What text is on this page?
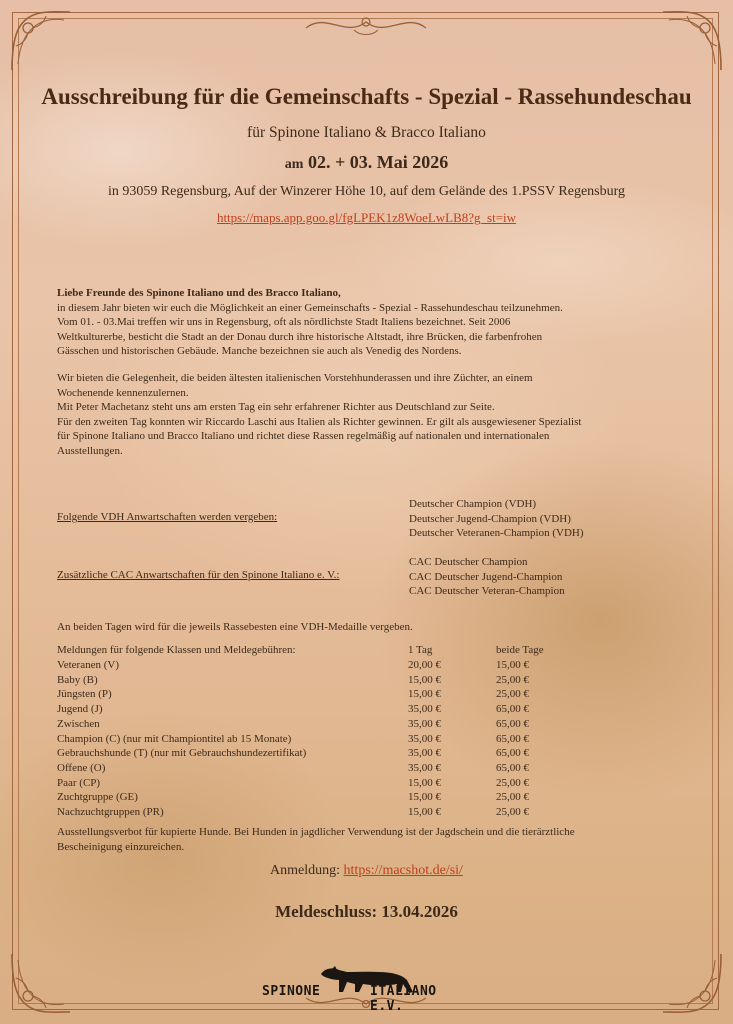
Ausschreibung für die Gemeinschafts - Spezial - Rassehundeschau

für Spinone Italiano & Bracco Italiano

am 02. + 03. Mai 2026

in 93059 Regensburg, Auf der Winzerer Höhe 10, auf dem Gelände des 1.PSSV Regensburg

https://maps.app.goo.gl/fgLPEK1z8WoeLwLB8?g_st=iw

Liebe Freunde des Spinone Italiano und des Bracco Italiano,

in diesem Jahr bieten wir euch die Möglichkeit an einer Gemeinschafts - Spezial - Rassehundeschau teilzunehmen.

Vom 01. - 03.Mai treffen wir uns in Regensburg, oft als nördlichste Stadt Italiens bezeichnet. Seit 2006

Weltkulturerbe, besticht die Stadt an der Donau durch ihre historische Altstadt, ihre Brücken, die farbenfrohen

Gässchen und historischen Gebäude. Manche bezeichnen sie auch als Venedig des Nordens.

Wir bieten die Gelegenheit, die beiden ältesten italienischen Vorstehhunderassen und ihre Züchter, an einem

Wochenende kennenzulernen.

Mit Peter Machetanz steht uns am ersten Tag ein sehr erfahrener Richter aus Deutschland zur Seite.

Für den zweiten Tag konnten wir Riccardo Laschi aus Italien als Richter gewinnen. Er gilt als ausgewiesener Spezialist

für Spinone Italiano und Bracco Italiano und richtet diese Rassen regelmäßig auf nationalen und internationalen

Ausstellungen.

Folgende VDH Anwartschaften werden vergeben:
Deutscher Champion (VDH)
Deutscher Jugend-Champion (VDH)
Deutscher Veteranen-Champion (VDH)
Zusätzliche CAC Anwartschaften für den Spinone Italiano e. V.:
CAC Deutscher Champion
CAC Deutscher Jugend-Champion
CAC Deutscher Veteran-Champion
An beiden Tagen wird für die jeweils Rassebesten eine VDH-Medaille vergeben.
Meldungen für folgende Klassen und Meldegebühren:	1 Tag	beide Tage
Veteranen (V)	20,00 €	15,00 €
Baby (B)	15,00 €	25,00 €
Jüngsten (P)	15,00 €	25,00 €
Jugend (J)	35,00 €	65,00 €
Zwischen	35,00 €	65,00 €
Champion (C) (nur mit Championtitel ab 15 Monate)	35,00 €	65,00 €
Gebrauchshunde (T) (nur mit Gebrauchshundezertifikat)	35,00 €	65,00 €
Offene (O)	35,00 €	65,00 €
Paar (CP)	15,00 €	25,00 €
Zuchtgruppe (GE)	15,00 €	25,00 €
Nachzuchtgruppen (PR)	15,00 €	25,00 €
Ausstellungsverbot für kupierte Hunde. Bei Hunden in jagdlicher Verwendung ist der Jagdschein und die tierärztliche
Bescheinigung einzureichen.
Anmeldung: https://macshot.de/si/
Meldeschluss: 13.04.2026
SPINONE	ITALIANO E.V.
